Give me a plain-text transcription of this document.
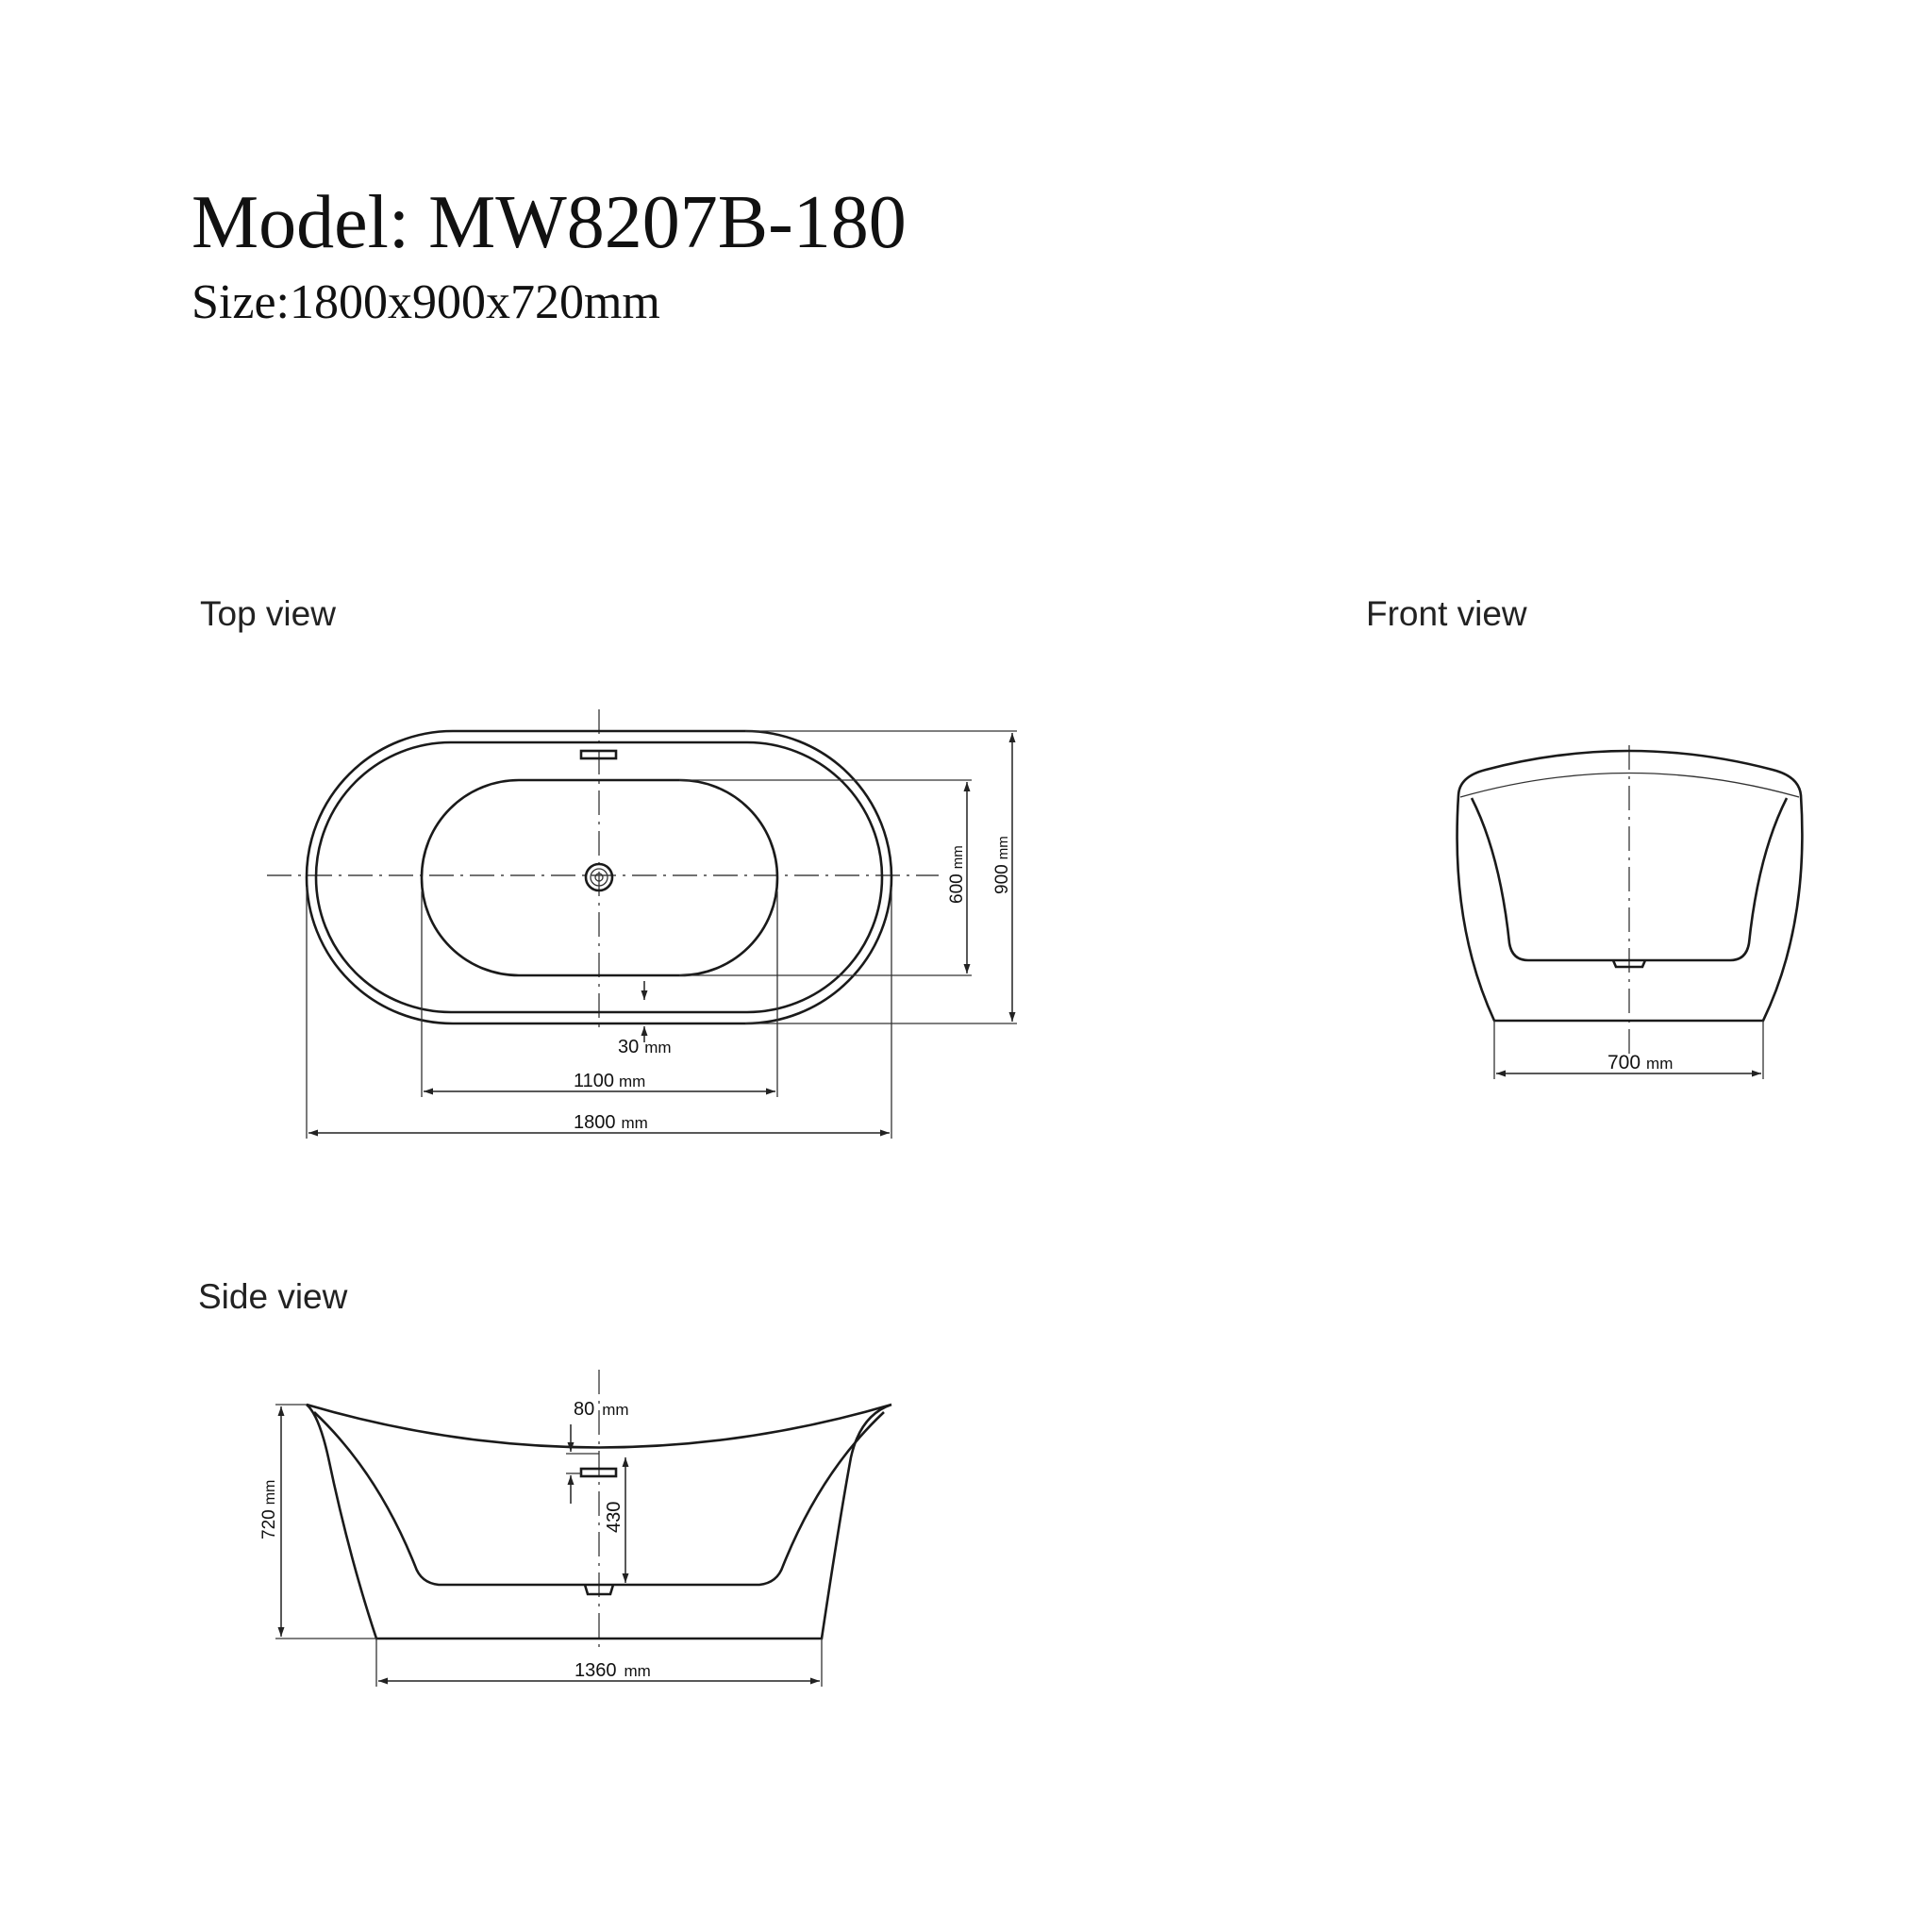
Model: MW8207B-180
Size:1800x900x720mm
Top view	Front view
Side view
600mm
900mm
30 mm
1100 mm
1800 mm
700 mm
720mm
80 mm
430
1360 mm
